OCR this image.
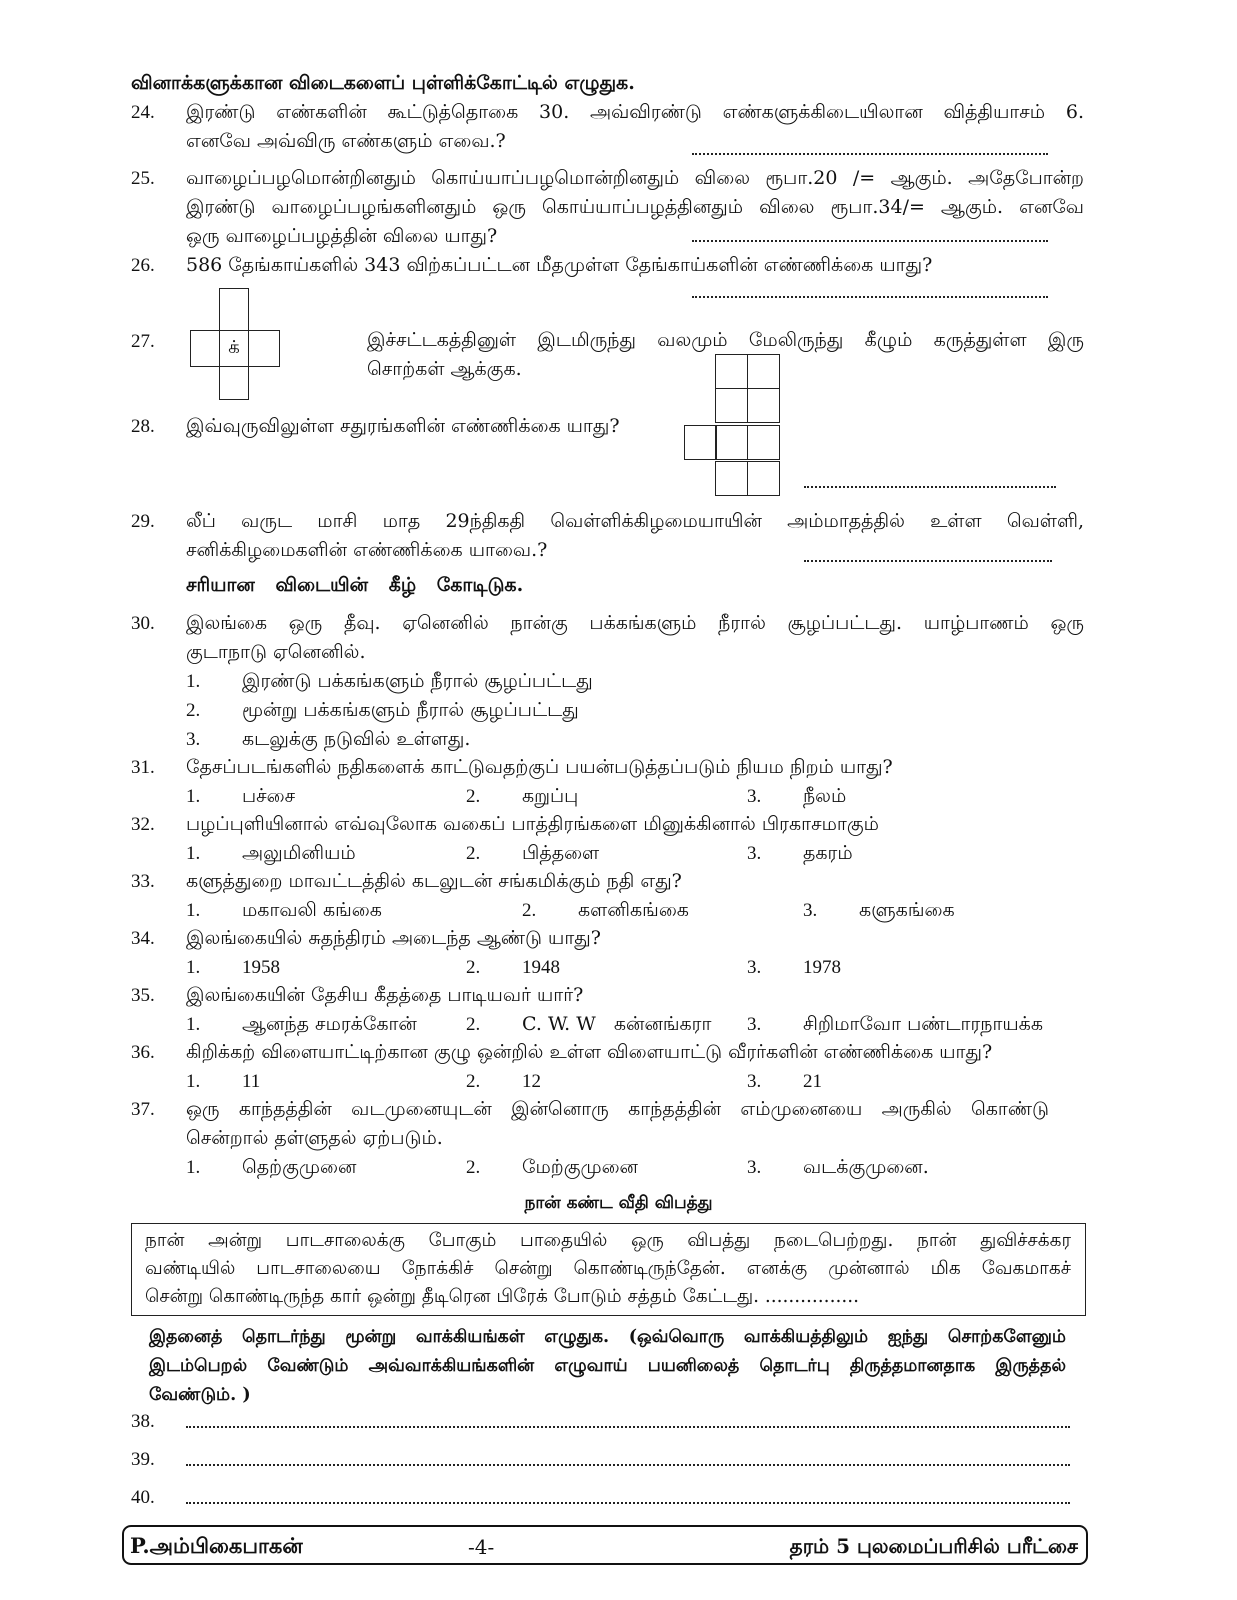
வினாக்களுக்கான விடைகளைப் புள்ளிக்கோட்டில் எழுதுக.
24. இரண்டு எண்களின் கூட்டுத்தொகை 30. அவ்விரண்டு எண்களுக்கிடையிலான வித்தியாசம் 6.
எனவே அவ்விரு எண்களும் எவை.?
25. வாழைப்பழமொன்றினதும் கொய்யாப்பழமொன்றினதும் விலை ரூபா.20 /= ஆகும். அதேபோன்ற
இரண்டு வாழைப்பழங்களினதும் ஒரு கொய்யாப்பழத்தினதும் விலை ரூபா.34/= ஆகும். எனவே
ஒரு வாழைப்பழத்தின் விலை யாது?
26. 586 தேங்காய்களில் 343 விற்கப்பட்டன மீதமுள்ள தேங்காய்களின் எண்ணிக்கை யாது?
27.	க்	இச்சட்டகத்தினுள் இடமிருந்து வலமும் மேலிருந்து கீழும் கருத்துள்ள இரு
சொற்கள் ஆக்குக.
28. இவ்வுருவிலுள்ள சதுரங்களின் எண்ணிக்கை யாது?
29. லீப் வருட மாசி மாத 29ந்திகதி வெள்ளிக்கிழமையாயின் அம்மாதத்தில் உள்ள வெள்ளி,
சனிக்கிழமைகளின் எண்ணிக்கை யாவை.?
சரியான விடையின் கீழ் கோடிடுக.
30. இலங்கை ஒரு தீவு. ஏனெனில் நான்கு பக்கங்களும் நீரால் சூழப்பட்டது. யாழ்பாணம் ஒரு
குடாநாடு ஏனெனில்.
1. இரண்டு பக்கங்களும் நீரால் சூழப்பட்டது
2. மூன்று பக்கங்களும் நீரால் சூழப்பட்டது
3. கடலுக்கு நடுவில் உள்ளது.
31. தேசப்படங்களில் நதிகளைக் காட்டுவதற்குப் பயன்படுத்தப்படும் நியம நிறம் யாது?
1. பச்சை	2. கறுப்பு	3. நீலம்
32. பழப்புளியினால் எவ்வுலோக வகைப் பாத்திரங்களை மினுக்கினால் பிரகாசமாகும்
1. அலுமினியம்	2. பித்தளை	3. தகரம்
33. களுத்துறை மாவட்டத்தில் கடலுடன் சங்கமிக்கும் நதி எது?
1. மகாவலி கங்கை	2. களனிகங்கை	3. களுகங்கை
34. இலங்கையில் சுதந்திரம் அடைந்த ஆண்டு யாது?
1. 1958	2. 1948	3. 1978
35. இலங்கையின் தேசிய கீதத்தை பாடியவர் யார்?
1. ஆனந்த சமரக்கோன்	2. C. W. W   கன்னங்கரா 3. சிறிமாவோ பண்டாரநாயக்க
36. கிறிக்கற் விளையாட்டிற்கான குழு ஒன்றில் உள்ள விளையாட்டு வீரர்களின் எண்ணிக்கை யாது?
1. 11	2. 12	3. 21
37. ஒரு காந்தத்தின் வடமுனையுடன் இன்னொரு காந்தத்தின் எம்முனையை அருகில் கொண்டு
சென்றால் தள்ளுதல் ஏற்படும்.
1. தெற்குமுனை	2. மேற்குமுனை	3. வடக்குமுனை.
நான் கண்ட வீதி விபத்து
நான் அன்று பாடசாலைக்கு போகும் பாதையில் ஒரு விபத்து நடைபெற்றது. நான் துவிச்சக்கர
வண்டியில் பாடசாலையை நோக்கிச் சென்று கொண்டிருந்தேன். எனக்கு முன்னால் மிக வேகமாகச்
சென்று கொண்டிருந்த கார் ஒன்று தீடிரென பிரேக் போடும் சத்தம் கேட்டது. ................
இதனைத் தொடர்ந்து மூன்று வாக்கியங்கள் எழுதுக. (ஒவ்வொரு வாக்கியத்திலும் ஐந்து சொற்களேனும்
இடம்பெறல் வேண்டும் அவ்வாக்கியங்களின் எழுவாய் பயனிலைத் தொடர்பு திருத்தமானதாக இருத்தல்
வேண்டும். )
38.
39.
40.
P.அம்பிகைபாகன்	-4-	தரம் 5 புலமைப்பரிசில் பரீட்சை
